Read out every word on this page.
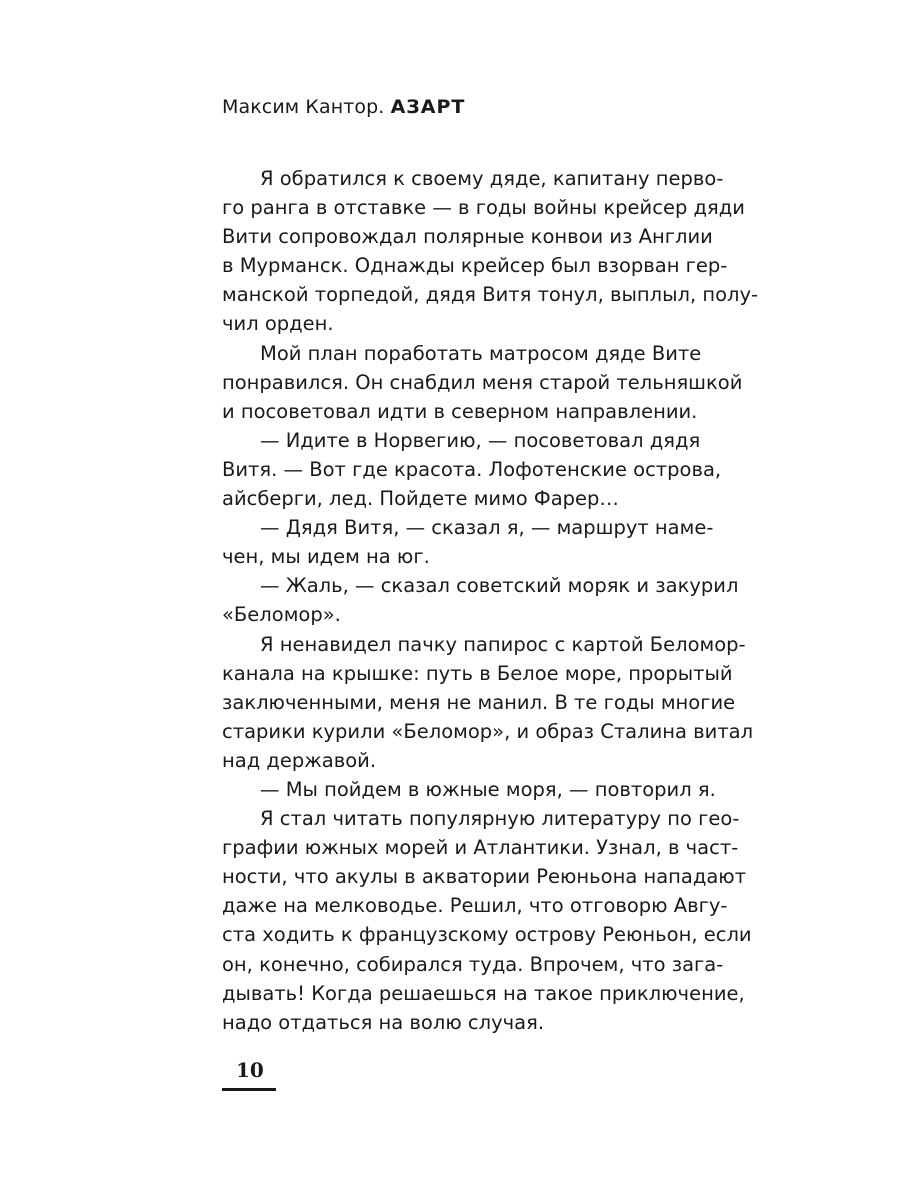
Максим Кантор. АЗАРТ
Я обратился к своему дяде, капитану перво-
го ранга в отставке — в годы войны крейсер дяди
Вити сопровождал полярные конвои из Англии
в Мурманск. Однажды крейсер был взорван гер-
манской торпедой, дядя Витя тонул, выплыл, полу-
чил орден.
Мой план поработать матросом дяде Вите
понравился. Он снабдил меня старой тельняшкой
и посоветовал идти в северном направлении.
— Идите в Норвегию, — посоветовал дядя
Витя. — Вот где красота. Лофотенские острова,
айсберги, лед. Пойдете мимо Фарер…
— Дядя Витя, — сказал я, — маршрут наме-
чен, мы идем на юг.
— Жаль, — сказал советский моряк и закурил
«Беломор».
Я ненавидел пачку папирос с картой Беломор-
канала на крышке: путь в Белое море, прорытый
заключенными, меня не манил. В те годы многие
старики курили «Беломор», и образ Сталина витал
над державой.
— Мы пойдем в южные моря, — повторил я.
Я стал читать популярную литературу по гео-
графии южных морей и Атлантики. Узнал, в част-
ности, что акулы в акватории Реюньона нападают
даже на мелководье. Решил, что отговорю Авгу-
ста ходить к французскому острову Реюньон, если
он, конечно, собирался туда. Впрочем, что зага-
дывать! Когда решаешься на такое приключение,
надо отдаться на волю случая.
10
